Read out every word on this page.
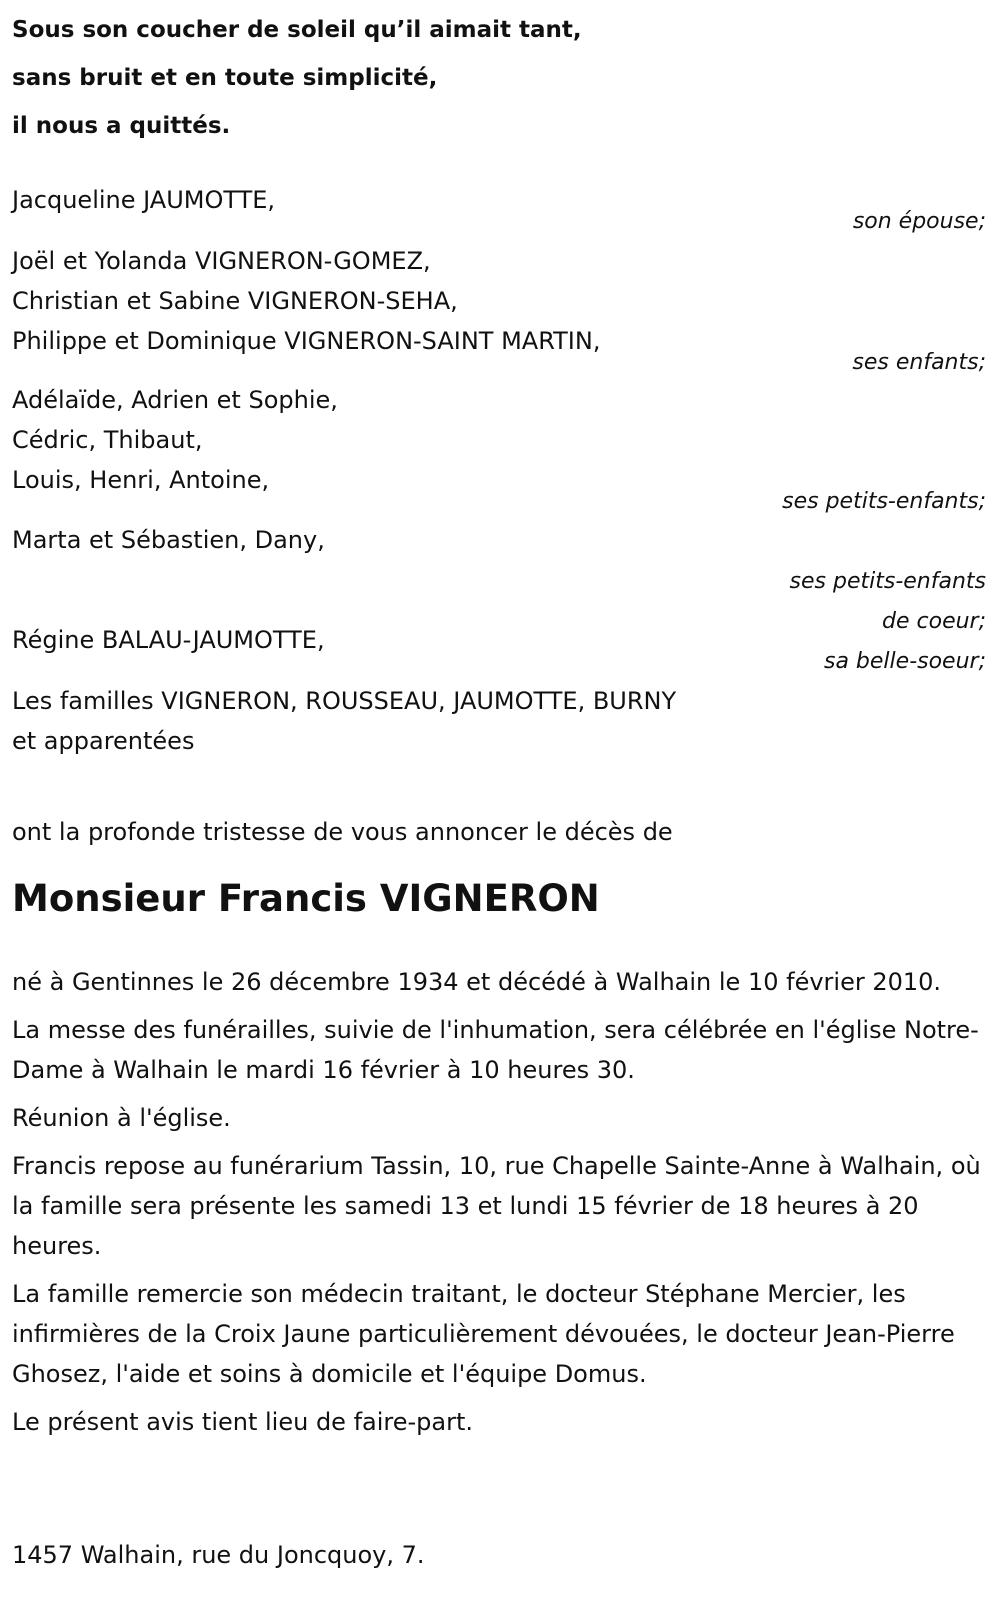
Sous son coucher de soleil qu’il aimait tant,
sans bruit et en toute simplicité,
il nous a quittés.
Jacqueline JAUMOTTE,
son épouse;
Joël et Yolanda VIGNERON-GOMEZ,
Christian et Sabine VIGNERON-SEHA,
Philippe et Dominique VIGNERON-SAINT MARTIN,
ses enfants;
Adélaïde, Adrien et Sophie,
Cédric, Thibaut,
Louis, Henri, Antoine,
ses petits-enfants;
Marta et Sébastien, Dany,
ses petits-enfants
de coeur;
Régine BALAU-JAUMOTTE,
sa belle-soeur;
Les familles VIGNERON, ROUSSEAU, JAUMOTTE, BURNY
et apparentées
ont la profonde tristesse de vous annoncer le décès de
Monsieur Francis VIGNERON

né à Gentinnes le 26 décembre 1934 et décédé à Walhain le 10 février 2010.

La messe des funérailles, suivie de l'inhumation, sera célébrée en l'église Notre-Dame à Walhain le mardi 16 février à 10 heures 30.

Réunion à l'église.

Francis repose au funérarium Tassin, 10, rue Chapelle Sainte-Anne à Walhain, où la famille sera présente les samedi 13 et lundi 15 février de 18 heures à 20 heures.

La famille remercie son médecin traitant, le docteur Stéphane Mercier, les infirmières de la Croix Jaune particulièrement dévouées, le docteur Jean-Pierre Ghosez, l'aide et soins à domicile et l'équipe Domus.

Le présent avis tient lieu de faire-part.

1457 Walhain, rue du Joncquoy, 7.
